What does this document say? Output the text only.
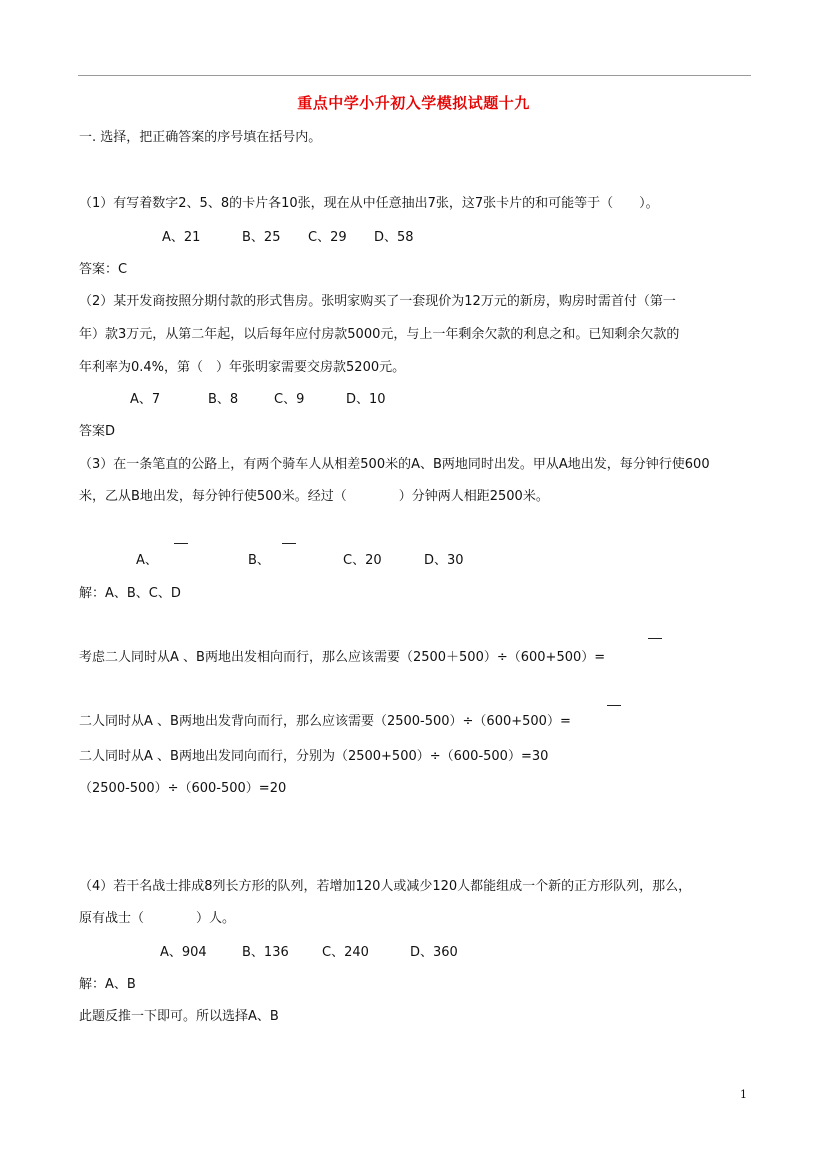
重点中学小升初入学模拟试题十九
一. 选择，把正确答案的序号填在括号内。
（1）有写着数字2、5、8的卡片各10张，现在从中任意抽出7张，这7张卡片的和可能等于（　　）。
A、21	B、25 C、29 D、58
答案：C
（2）某开发商按照分期付款的形式售房。张明家购买了一套现价为12万元的新房，购房时需首付（第一
年）款3万元，从第二年起，以后每年应付房款5000元，与上一年剩余欠款的利息之和。已知剩余欠款的
年利率为0.4%，第（　）年张明家需要交房款5200元。
A、7	B、8	C、9	D、10
答案D
（3）在一条笔直的公路上，有两个骑车人从相差500米的A、B两地同时出发。甲从A地出发，每分钟行使600
米，乙从B地出发，每分钟行使500米。经过（　　　　）分钟两人相距2500米。
A、	B、	C、20	D、30
解：A、B、C、D
考虑二人同时从A 、B两地出发相向而行，那么应该需要（2500＋500）÷（600+500）=
二人同时从A 、B两地出发背向而行，那么应该需要（2500-500）÷（600+500）=
二人同时从A 、B两地出发同向而行，分别为（2500+500）÷（600-500）=30
（2500-500）÷（600-500）=20
（4）若干名战士排成8列长方形的队列，若增加120人或减少120人都能组成一个新的正方形队列，那么，
原有战士（　　　　）人。
A、904	B、136	C、240	D、360
解：A、B
此题反推一下即可。所以选择A、B
1
